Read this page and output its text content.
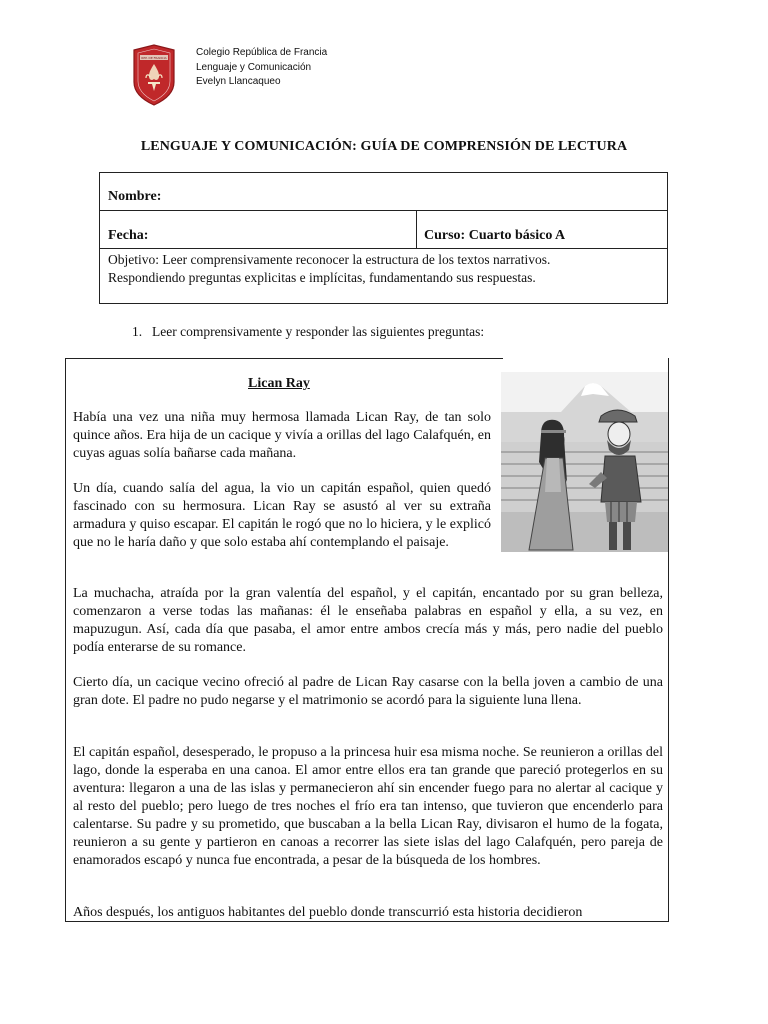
REP. DE FRANCIA	Colegio República de Francia
Lenguaje y Comunicación
Evelyn Llancaqueo
LENGUAJE Y COMUNICACIÓN: GUÍA DE COMPRENSIÓN DE LECTURA
Nombre:
Fecha:	Curso: Cuarto básico A
Objetivo: Leer comprensivamente reconocer la estructura de los textos narrativos.
Respondiendo preguntas explicitas e implícitas, fundamentando sus respuestas.
1. Leer comprensivamente y responder las siguientes preguntas:
Lican Ray

Había una vez una niña muy hermosa llamada Lican Ray, de tan solo quince años. Era hija de un cacique y vivía a orillas del lago Calafquén, en cuyas aguas solía bañarse cada mañana.

Un día, cuando salía del agua, la vio un capitán español, quien quedó fascinado con su hermosura. Lican Ray se asustó al ver su extraña armadura y quiso escapar. El capitán le rogó que no lo hiciera, y le explicó que no le haría daño y que solo estaba ahí contemplando el paisaje.

La muchacha, atraída por la gran valentía del español, y el capitán, encantado por su gran belleza, comenzaron a verse todas las mañanas: él le enseñaba palabras en español y ella, a su vez, en mapuzugun. Así, cada día que pasaba, el amor entre ambos crecía más y más, pero nadie del pueblo podía enterarse de su romance.

Cierto día, un cacique vecino ofreció al padre de Lican Ray casarse con la bella joven a cambio de una gran dote. El padre no pudo negarse y el matrimonio se acordó para la siguiente luna llena.

El capitán español, desesperado, le propuso a la princesa huir esa misma noche. Se reunieron a orillas del lago, donde la esperaba en una canoa. El amor entre ellos era tan grande que pareció protegerlos en su aventura: llegaron a una de las islas y permanecieron ahí sin encender fuego para no alertar al cacique y al resto del pueblo; pero luego de tres noches el frío era tan intenso, que tuvieron que encenderlo para calentarse. Su padre y su prometido, que buscaban a la bella Lican Ray, divisaron el humo de la fogata, reunieron a su gente y partieron en canoas a recorrer las siete islas del lago Calafquén, pero pareja de enamorados escapó y nunca fue encontrada, a pesar de la búsqueda de los hombres.

Años después, los antiguos habitantes del pueblo donde transcurrió esta historia decidieron
